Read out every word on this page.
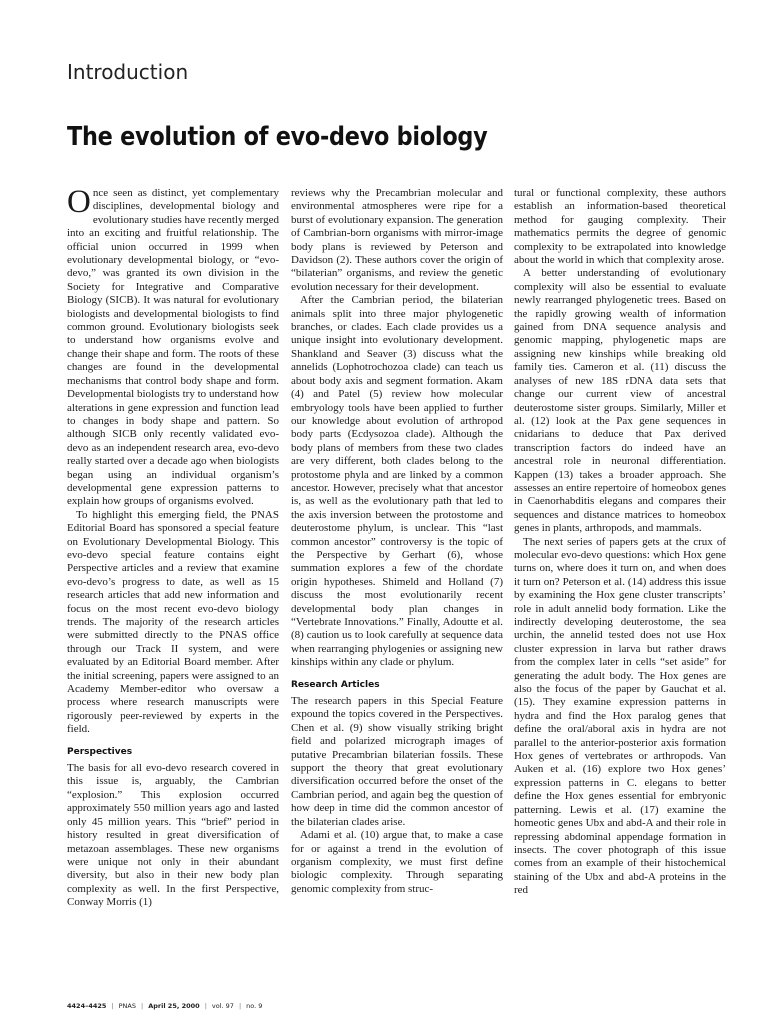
Introduction
The evolution of evo-devo biology

Once seen as distinct, yet complementary disciplines, developmental biology and evolutionary studies have recently merged into an exciting and fruitful relationship. The official union occurred in 1999 when evolutionary developmental biology, or “evo-devo,” was granted its own division in the Society for Integrative and Comparative Biology (SICB). It was natural for evolutionary biologists and developmental biologists to find common ground. Evolutionary biologists seek to understand how organisms evolve and change their shape and form. The roots of these changes are found in the developmental mechanisms that control body shape and form. Developmental biologists try to understand how alterations in gene expression and function lead to changes in body shape and pattern. So although SICB only recently validated evo-devo as an independent research area, evo-devo really started over a decade ago when biologists began using an individual organism’s developmental gene expression patterns to explain how groups of organisms evolved.

To highlight this emerging field, the PNAS Editorial Board has sponsored a special feature on Evolutionary Developmental Biology. This evo-devo special feature contains eight Perspective articles and a review that examine evo-devo’s progress to date, as well as 15 research articles that add new information and focus on the most recent evo-devo biology trends. The majority of the research articles were submitted directly to the PNAS office through our Track II system, and were evaluated by an Editorial Board member. After the initial screening, papers were assigned to an Academy Member-editor who oversaw a process where research manuscripts were rigorously peer-reviewed by experts in the field.

Perspectives

The basis for all evo-devo research covered in this issue is, arguably, the Cambrian “explosion.” This explosion occurred approximately 550 million years ago and lasted only 45 million years. This “brief” period in history resulted in great diversification of metazoan assemblages. These new organisms were unique not only in their abundant diversity, but also in their new body plan complexity as well. In the first Perspective, Conway Morris (1)

reviews why the Precambrian molecular and environmental atmospheres were ripe for a burst of evolutionary expansion. The generation of Cambrian-born organisms with mirror-image body plans is reviewed by Peterson and Davidson (2). These authors cover the origin of “bilaterian” organisms, and review the genetic evolution necessary for their development.

After the Cambrian period, the bilaterian animals split into three major phylogenetic branches, or clades. Each clade provides us a unique insight into evolutionary development. Shankland and Seaver (3) discuss what the annelids (Lophotrochozoa clade) can teach us about body axis and segment formation. Akam (4) and Patel (5) review how molecular embryology tools have been applied to further our knowledge about evolution of arthropod body parts (Ecdysozoa clade). Although the body plans of members from these two clades are very different, both clades belong to the protostome phyla and are linked by a common ancestor. However, precisely what that ancestor is, as well as the evolutionary path that led to the axis inversion between the protostome and deuterostome phylum, is unclear. This “last common ancestor” controversy is the topic of the Perspective by Gerhart (6), whose summation explores a few of the chordate origin hypotheses. Shimeld and Holland (7) discuss the most evolutionarily recent developmental body plan changes in “Vertebrate Innovations.” Finally, Adoutte et al. (8) caution us to look carefully at sequence data when rearranging phylogenies or assigning new kinships within any clade or phylum.

Research Articles

The research papers in this Special Feature expound the topics covered in the Perspectives. Chen et al. (9) show visually striking bright field and polarized micrograph images of putative Precambrian bilaterian fossils. These support the theory that great evolutionary diversification occurred before the onset of the Cambrian period, and again beg the question of how deep in time did the common ancestor of the bilaterian clades arise.

Adami et al. (10) argue that, to make a case for or against a trend in the evolution of organism complexity, we must first define biologic complexity. Through separating genomic complexity from struc-

tural or functional complexity, these authors establish an information-based theoretical method for gauging complexity. Their mathematics permits the degree of genomic complexity to be extrapolated into knowledge about the world in which that complexity arose.

A better understanding of evolutionary complexity will also be essential to evaluate newly rearranged phylogenetic trees. Based on the rapidly growing wealth of information gained from DNA sequence analysis and genomic mapping, phylogenetic maps are assigning new kinships while breaking old family ties. Cameron et al. (11) discuss the analyses of new 18S rDNA data sets that change our current view of ancestral deuterostome sister groups. Similarly, Miller et al. (12) look at the Pax gene sequences in cnidarians to deduce that Pax derived transcription factors do indeed have an ancestral role in neuronal differentiation. Kappen (13) takes a broader approach. She assesses an entire repertoire of homeobox genes in Caenorhabditis elegans and compares their sequences and distance matrices to homeobox genes in plants, arthropods, and mammals.

The next series of papers gets at the crux of molecular evo-devo questions: which Hox gene turns on, where does it turn on, and when does it turn on? Peterson et al. (14) address this issue by examining the Hox gene cluster transcripts’ role in adult annelid body formation. Like the indirectly developing deuterostome, the sea urchin, the annelid tested does not use Hox cluster expression in larva but rather draws from the complex later in cells “set aside” for generating the adult body. The Hox genes are also the focus of the paper by Gauchat et al. (15). They examine expression patterns in hydra and find the Hox paralog genes that define the oral/aboral axis in hydra are not parallel to the anterior-posterior axis formation Hox genes of vertebrates or arthropods. Van Auken et al. (16) explore two Hox genes’ expression patterns in C. elegans to better define the Hox genes essential for embryonic patterning. Lewis et al. (17) examine the homeotic genes Ubx and abd-A and their role in repressing abdominal appendage formation in insects. The cover photograph of this issue comes from an example of their histochemical staining of the Ubx and abd-A proteins in the red

4424–4425 | PNAS | April 25, 2000 | vol. 97 | no. 9
